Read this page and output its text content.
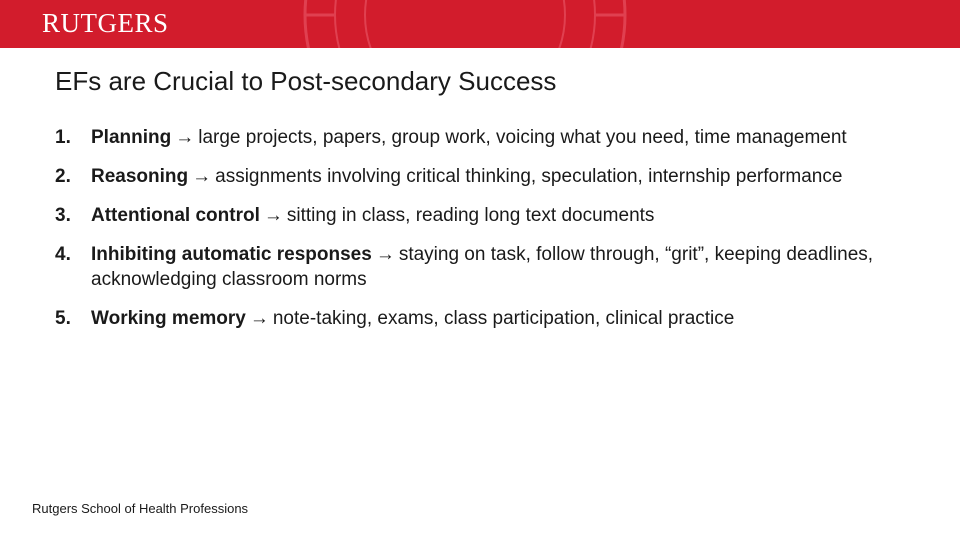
RUTGERS
EFs are Crucial to Post-secondary Success
1.	Planning → large projects, papers, group work, voicing what you need, time management
2.	Reasoning → assignments involving critical thinking, speculation, internship performance
3.	Attentional control → sitting in class, reading long text documents
4.	Inhibiting automatic responses → staying on task, follow through, “grit”, keeping deadlines, acknowledging classroom norms
5.	Working memory → note-taking, exams, class participation, clinical practice
Rutgers School of Health Professions
